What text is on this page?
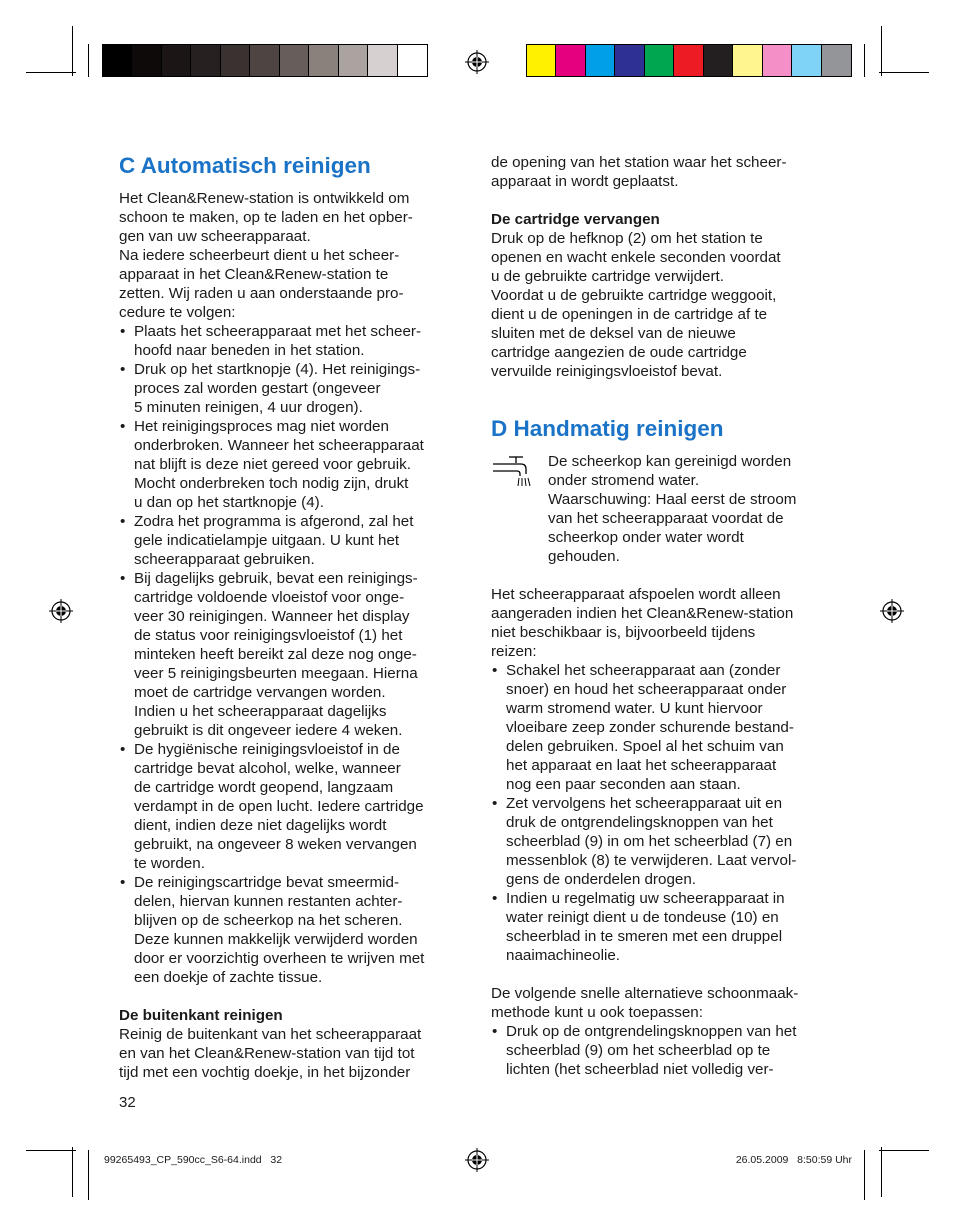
C Automatisch reinigen

Het Clean&Renew-station is ontwikkeld om

schoon te maken, op te laden en het opber-

gen van uw scheerapparaat.

Na iedere scheerbeurt dient u het scheer-

apparaat in het Clean&Renew-station te

zetten. Wij raden u aan onderstaande pro-

cedure te volgen:

• Plaats het scheerapparaat met het scheer-

hoofd naar beneden in het station.

• Druk op het startknopje (4). Het reinigings-

proces zal worden gestart (ongeveer

5 minuten reinigen, 4 uur drogen).

• Het reinigingsproces mag niet worden

onderbroken. Wanneer het scheerapparaat

nat blijft is deze niet gereed voor gebruik.

Mocht onderbreken toch nodig zijn, drukt

u dan op het startknopje (4).

• Zodra het programma is afgerond, zal het

gele indicatielampje uitgaan. U kunt het

scheerapparaat gebruiken.

• Bij dagelijks gebruik, bevat een reinigings-

cartridge voldoende vloeistof voor onge-

veer 30 reinigingen. Wanneer het display

de status voor reinigingsvloeistof (1) het

minteken heeft bereikt zal deze nog onge-

veer 5 reinigingsbeurten meegaan. Hierna

moet de cartridge vervangen worden.

Indien u het scheerapparaat dagelijks

gebruikt is dit ongeveer iedere 4 weken.

• De hygiënische reinigingsvloeistof in de

cartridge bevat alcohol, welke, wanneer

de cartridge wordt geopend, langzaam

verdampt in de open lucht. Iedere cartridge

dient, indien deze niet dagelijks wordt

gebruikt, na ongeveer 8 weken vervangen

te worden.

• De reinigingscartridge bevat smeermid-

delen, hiervan kunnen restanten achter-

blijven op de scheerkop na het scheren.

Deze kunnen makkelijk verwijderd worden

door er voorzichtig overheen te wrijven met

een doekje of zachte tissue.

De buitenkant reinigen

Reinig de buitenkant van het scheerapparaat

en van het Clean&Renew-station van tijd tot

tijd met een vochtig doekje, in het bijzonder

de opening van het station waar het scheer-

apparaat in wordt geplaatst.

De cartridge vervangen

Druk op de hefknop (2) om het station te

openen en wacht enkele seconden voordat

u de gebruikte cartridge verwijdert.

Voordat u de gebruikte cartridge weggooit,

dient u de openingen in de cartridge af te

sluiten met de deksel van de nieuwe

cartridge aangezien de oude cartridge

vervuilde reinigingsvloeistof bevat.

D Handmatig reinigen

De scheerkop kan gereinigd worden

onder stromend water.

Waarschuwing: Haal eerst de stroom

van het scheerapparaat voordat de

scheerkop onder water wordt

gehouden.

Het scheerapparaat afspoelen wordt alleen

aangeraden indien het Clean&Renew-station

niet beschikbaar is, bijvoorbeeld tijdens

reizen:

• Schakel het scheerapparaat aan (zonder

snoer) en houd het scheerapparaat onder

warm stromend water. U kunt hiervoor

vloeibare zeep zonder schurende bestand-

delen gebruiken. Spoel al het schuim van

het apparaat en laat het scheerapparaat

nog een paar seconden aan staan.

• Zet vervolgens het scheerapparaat uit en

druk de ontgrendelingsknoppen van het

scheerblad (9) in om het scheerblad (7) en

messenblok (8) te verwijderen. Laat vervol-

gens de onderdelen drogen.

• Indien u regelmatig uw scheerapparaat in

water reinigt dient u de tondeuse (10) en

scheerblad in te smeren met een druppel

naaimachineolie.

De volgende snelle alternatieve schoonmaak-

methode kunt u ook toepassen:

• Druk op de ontgrendelingsknoppen van het

scheerblad (9) om het scheerblad op te

lichten (het scheerblad niet volledig ver-

32
99265493_CP_590cc_S6-64.indd   32	26.05.2009   8:50:59 Uhr
